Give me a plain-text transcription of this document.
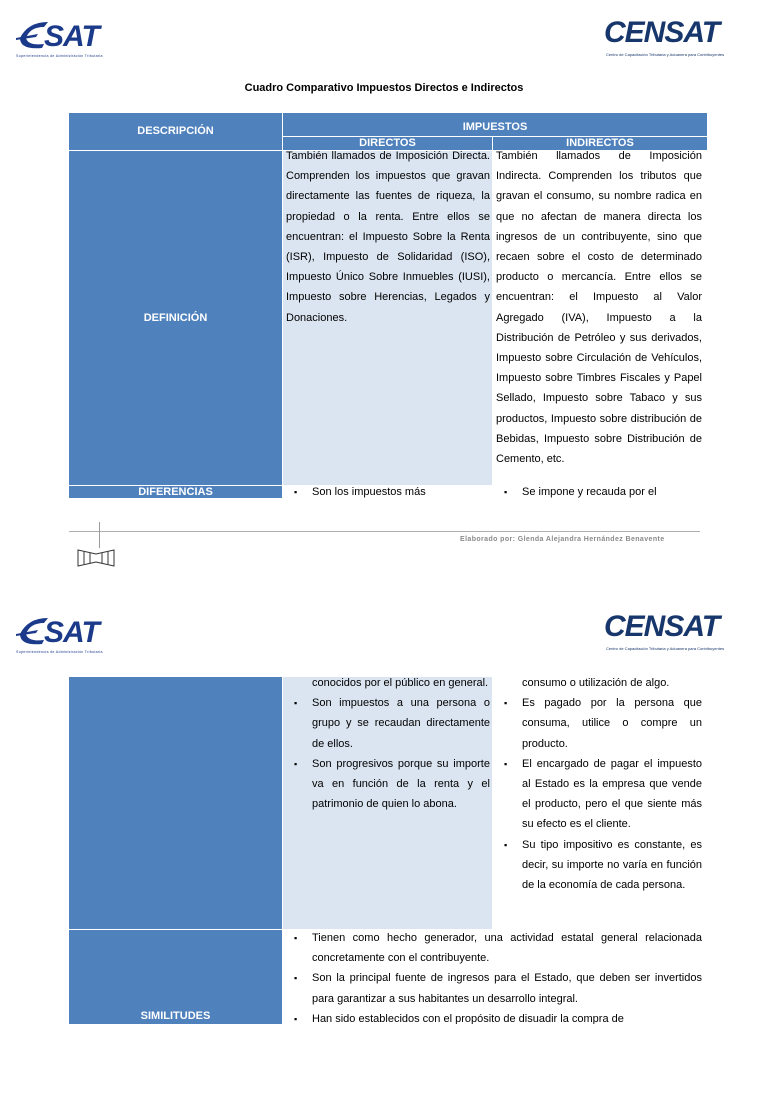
SAT
Superintendencia de Administración Tributaria
CENSAT
Centro de Capacitación Tributaria y Aduanera para Contribuyentes
Cuadro Comparativo Impuestos Directos e Indirectos
DESCRIPCIÓN	IMPUESTOS
DIRECTOS	INDIRECTOS
DEFINICIÓN
DIFERENCIAS
También llamados de Imposición Directa. Comprenden los impuestos que gravan directamente las fuentes de riqueza, la propiedad o la renta. Entre ellos se encuentran: el Impuesto Sobre la Renta (ISR), Impuesto de Solidaridad (ISO), Impuesto Único Sobre Inmuebles (IUSI), Impuesto sobre Herencias, Legados y Donaciones.
También llamados de Imposición Indirecta. Comprenden los tributos que gravan el consumo, su nombre radica en que no afectan de manera directa los ingresos de un contribuyente, sino que recaen sobre el costo de determinado producto o mercancía. Entre ellos se encuentran: el Impuesto al Valor Agregado (IVA), Impuesto a la Distribución de Petróleo y sus derivados, Impuesto sobre Circulación de Vehículos, Impuesto sobre Timbres Fiscales y Papel Sellado, Impuesto sobre Tabaco y sus productos, Impuesto sobre distribución de Bebidas, Impuesto sobre Distribución de Cemento, etc.
▪ Son los impuestos más
▪	Se impone y recauda por el
Elaborado por: Glenda Alejandra Hernández Benavente
SAT
Superintendencia de Administración Tributaria
CENSAT
Centro de Capacitación Tributaria y Aduanera para Contribuyentes
conocidos por el público en general.
▪ Son impuestos a una persona o grupo y se recaudan directamente de ellos.
▪ Son progresivos porque su importe va en función de la renta y el patrimonio de quien lo abona.
consumo o utilización de algo.
▪ Es pagado por la persona que consuma, utilice o compre un producto.
▪ El encargado de pagar el impuesto al Estado es la empresa que vende el producto, pero el que siente más su efecto es el cliente.
▪ Su tipo impositivo es constante, es decir, su importe no varía en función de la economía de cada persona.
SIMILITUDES
▪ Tienen como hecho generador, una actividad estatal general relacionada concretamente con el contribuyente.
▪ Son la principal fuente de ingresos para el Estado, que deben ser invertidos para garantizar a sus habitantes un desarrollo integral.
▪ Han sido establecidos con el propósito de disuadir la compra de
